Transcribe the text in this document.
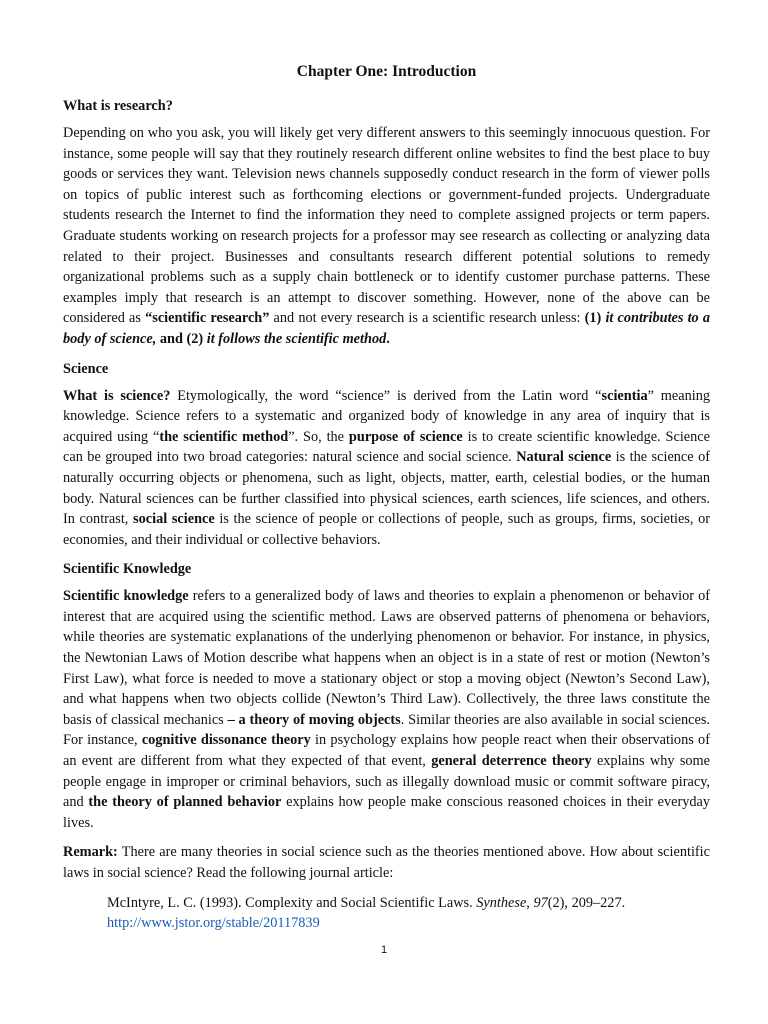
Chapter One: Introduction
What is research?

Depending on who you ask, you will likely get very different answers to this seemingly innocuous question. For instance, some people will say that they routinely research different online websites to find the best place to buy goods or services they want. Television news channels supposedly conduct research in the form of viewer polls on topics of public interest such as forthcoming elections or government-funded projects. Undergraduate students research the Internet to find the information they need to complete assigned projects or term papers. Graduate students working on research projects for a professor may see research as collecting or analyzing data related to their project. Businesses and consultants research different potential solutions to remedy organizational problems such as a supply chain bottleneck or to identify customer purchase patterns. These examples imply that research is an attempt to discover something. However, none of the above can be considered as “scientific research” and not every research is a scientific research unless: (1) it contributes to a body of science, and (2) it follows the scientific method.

Science

What is science? Etymologically, the word “science” is derived from the Latin word “scientia” meaning knowledge. Science refers to a systematic and organized body of knowledge in any area of inquiry that is acquired using “the scientific method”. So, the purpose of science is to create scientific knowledge. Science can be grouped into two broad categories: natural science and social science. Natural science is the science of naturally occurring objects or phenomena, such as light, objects, matter, earth, celestial bodies, or the human body. Natural sciences can be further classified into physical sciences, earth sciences, life sciences, and others. In contrast, social science is the science of people or collections of people, such as groups, firms, societies, or economies, and their individual or collective behaviors.

Scientific Knowledge

Scientific knowledge refers to a generalized body of laws and theories to explain a phenomenon or behavior of interest that are acquired using the scientific method. Laws are observed patterns of phenomena or behaviors, while theories are systematic explanations of the underlying phenomenon or behavior. For instance, in physics, the Newtonian Laws of Motion describe what happens when an object is in a state of rest or motion (Newton’s First Law), what force is needed to move a stationary object or stop a moving object (Newton’s Second Law), and what happens when two objects collide (Newton’s Third Law). Collectively, the three laws constitute the basis of classical mechanics – a theory of moving objects. Similar theories are also available in social sciences. For instance, cognitive dissonance theory in psychology explains how people react when their observations of an event are different from what they expected of that event, general deterrence theory explains why some people engage in improper or criminal behaviors, such as illegally download music or commit software piracy, and the theory of planned behavior explains how people make conscious reasoned choices in their everyday lives.

Remark: There are many theories in social science such as the theories mentioned above. How about scientific laws in social science? Read the following journal article:

McIntyre, L. C. (1993). Complexity and Social Scientific Laws. Synthese, 97(2), 209–227.
http://www.jstor.org/stable/20117839
1
